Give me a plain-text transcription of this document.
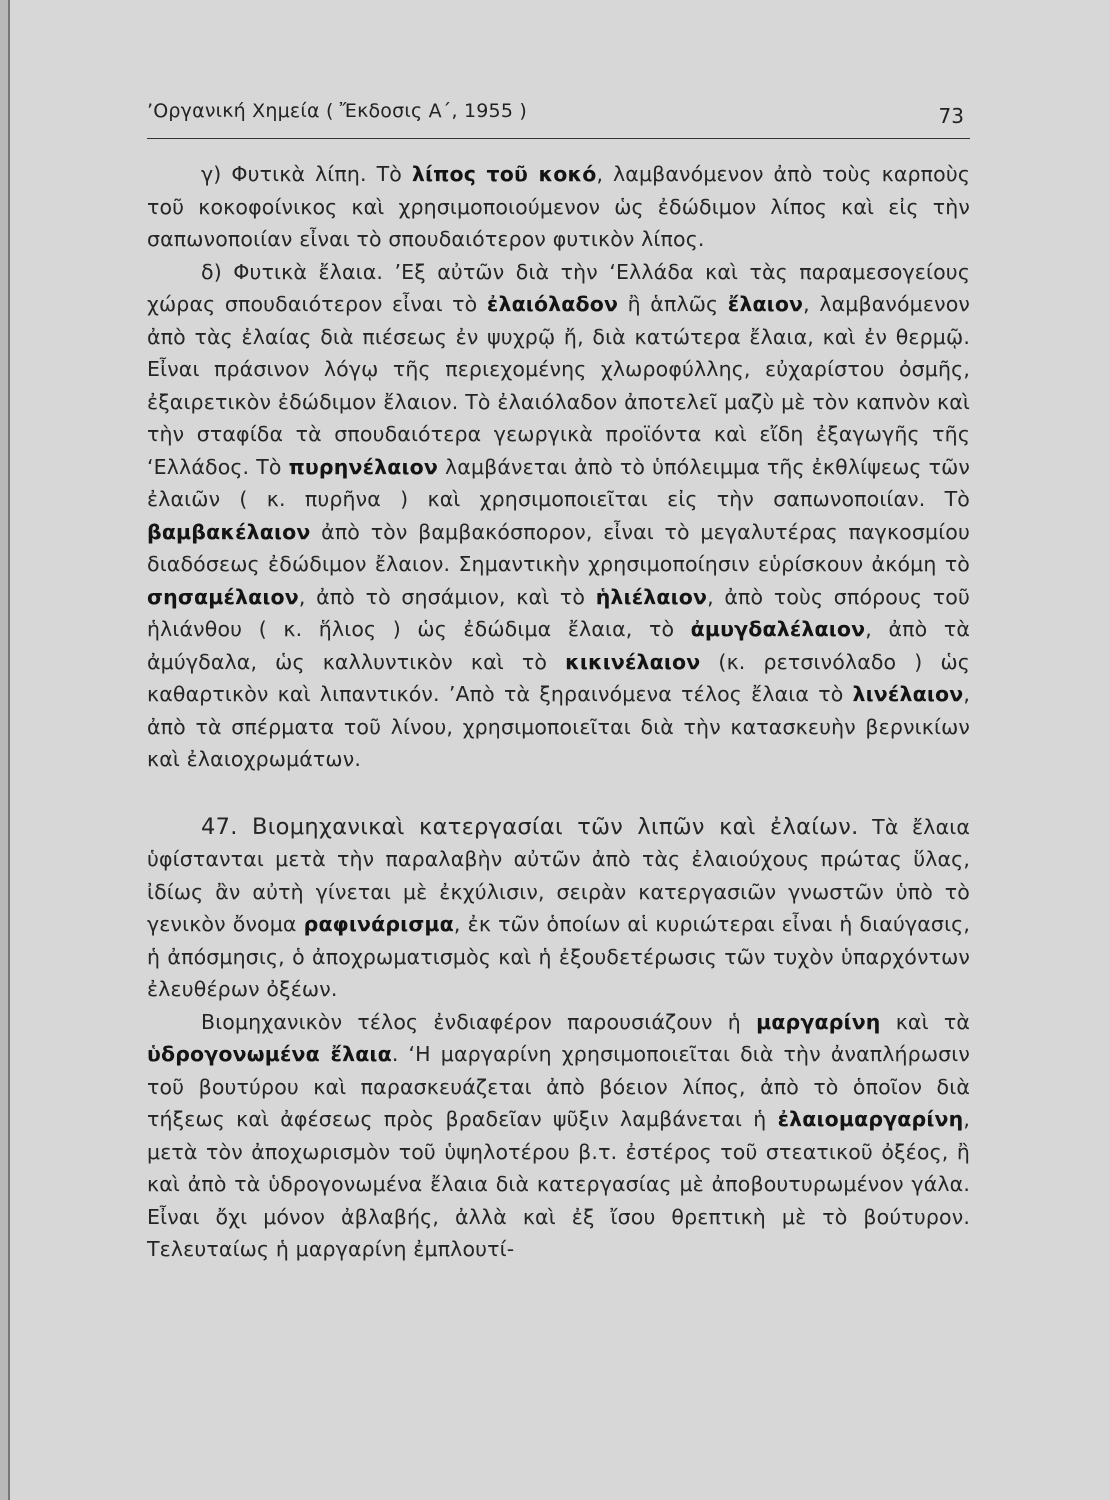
’Οργανική Χημεία ( Ἔκδοσις Α΄, 1955 )	73

γ) Φυτικὰ λίπη. Τὸ λίπος τοῦ κοκό, λαμβανόμενον ἀπὸ τοὺς καρποὺς τοῦ κοκοφοίνικος καὶ χρησιμοποιούμενον ὡς ἐδώδιμον λίπος καὶ εἰς τὴν σαπωνοποιίαν εἶναι τὸ σπουδαιότερον φυτικὸν λίπος.

δ) Φυτικὰ ἔλαια. ’Εξ αὐτῶν διὰ τὴν ‘Ελλάδα καὶ τὰς παραμεσογείους χώρας σπουδαιότερον εἶναι τὸ ἐλαιόλαδον ἢ ἁπλῶς ἔλαιον, λαμβανόμενον ἀπὸ τὰς ἐλαίας διὰ πιέσεως ἐν ψυχρῷ ἤ, διὰ κατώτερα ἔλαια, καὶ ἐν θερμῷ. Εἶναι πράσινον λόγῳ τῆς περιεχομένης χλωροφύλλης, εὐχαρίστου ὀσμῆς, ἐξαιρετικὸν ἐδώδιμον ἔλαιον. Τὸ ἐλαιόλαδον ἀποτελεῖ μαζὺ μὲ τὸν καπνὸν καὶ τὴν σταφίδα τὰ σπουδαιότερα γεωργικὰ προϊόντα καὶ εἴδη ἐξαγωγῆς τῆς ‘Ελλάδος. Τὸ πυρηνέλαιον λαμβάνεται ἀπὸ τὸ ὑπόλειμμα τῆς ἐκθλίψεως τῶν ἐλαιῶν ( κ. πυρῆνα ) καὶ χρησιμοποιεῖται εἰς τὴν σαπωνοποιίαν. Τὸ βαμβακέλαιον ἀπὸ τὸν βαμβακόσπορον, εἶναι τὸ μεγαλυτέρας παγκοσμίου διαδόσεως ἐδώδιμον ἔλαιον. Σημαντικὴν χρησιμοποίησιν εὑρίσκουν ἀκόμη τὸ σησαμέλαιον, ἀπὸ τὸ σησάμιον, καὶ τὸ ἡλιέλαιον, ἀπὸ τοὺς σπόρους τοῦ ἡλιάνθου ( κ. ἥλιος ) ὡς ἐδώδιμα ἔλαια, τὸ ἀμυγδαλέλαιον, ἀπὸ τὰ ἀμύγδαλα, ὡς καλλυντικὸν καὶ τὸ κικινέλαιον (κ. ρετσινόλαδο ) ὡς καθαρτικὸν καὶ λιπαντικόν. ’Απὸ τὰ ξηραινόμενα τέλος ἔλαια τὸ λινέλαιον, ἀπὸ τὰ σπέρματα τοῦ λίνου, χρησιμοποιεῖται διὰ τὴν κατασκευὴν βερνικίων καὶ ἐλαιοχρωμάτων.

47. Βιομηχανικαὶ κατεργασίαι τῶν λιπῶν καὶ ἐλαίων. Τὰ ἔλαια ὑφίστανται μετὰ τὴν παραλαβὴν αὐτῶν ἀπὸ τὰς ἐλαιούχους πρώτας ὕλας, ἰδίως ἂν αὐτὴ γίνεται μὲ ἐκχύλισιν, σειρὰν κατεργασιῶν γνωστῶν ὑπὸ τὸ γενικὸν ὄνομα ραφινάρισμα, ἐκ τῶν ὁποίων αἱ κυριώτεραι εἶναι ἡ διαύγασις, ἡ ἀπόσμησις, ὁ ἀποχρωματισμὸς καὶ ἡ ἐξουδετέρωσις τῶν τυχὸν ὑπαρχόντων ἐλευθέρων ὀξέων.

Βιομηχανικὸν τέλος ἐνδιαφέρον παρουσιάζουν ἡ μαργαρίνη καὶ τὰ ὑδρογονωμένα ἔλαια. ‘Η μαργαρίνη χρησιμοποιεῖται διὰ τὴν ἀναπλήρωσιν τοῦ βουτύρου καὶ παρασκευάζεται ἀπὸ βόειον λίπος, ἀπὸ τὸ ὁποῖον διὰ τήξεως καὶ ἀφέσεως πρὸς βραδεῖαν ψῦξιν λαμβάνεται ἡ ἐλαιομαργαρίνη, μετὰ τὸν ἀποχωρισμὸν τοῦ ὑψηλοτέρου β.τ. ἐστέρος τοῦ στεατικοῦ ὀξέος, ἢ καὶ ἀπὸ τὰ ὑδρογονωμένα ἔλαια διὰ κατεργασίας μὲ ἀποβουτυρωμένον γάλα. Εἶναι ὄχι μόνον ἀβλαβής, ἀλλὰ καὶ ἐξ ἴσου θρεπτικὴ μὲ τὸ βούτυρον. Τελευταίως ἡ μαργαρίνη ἐμπλουτί-
